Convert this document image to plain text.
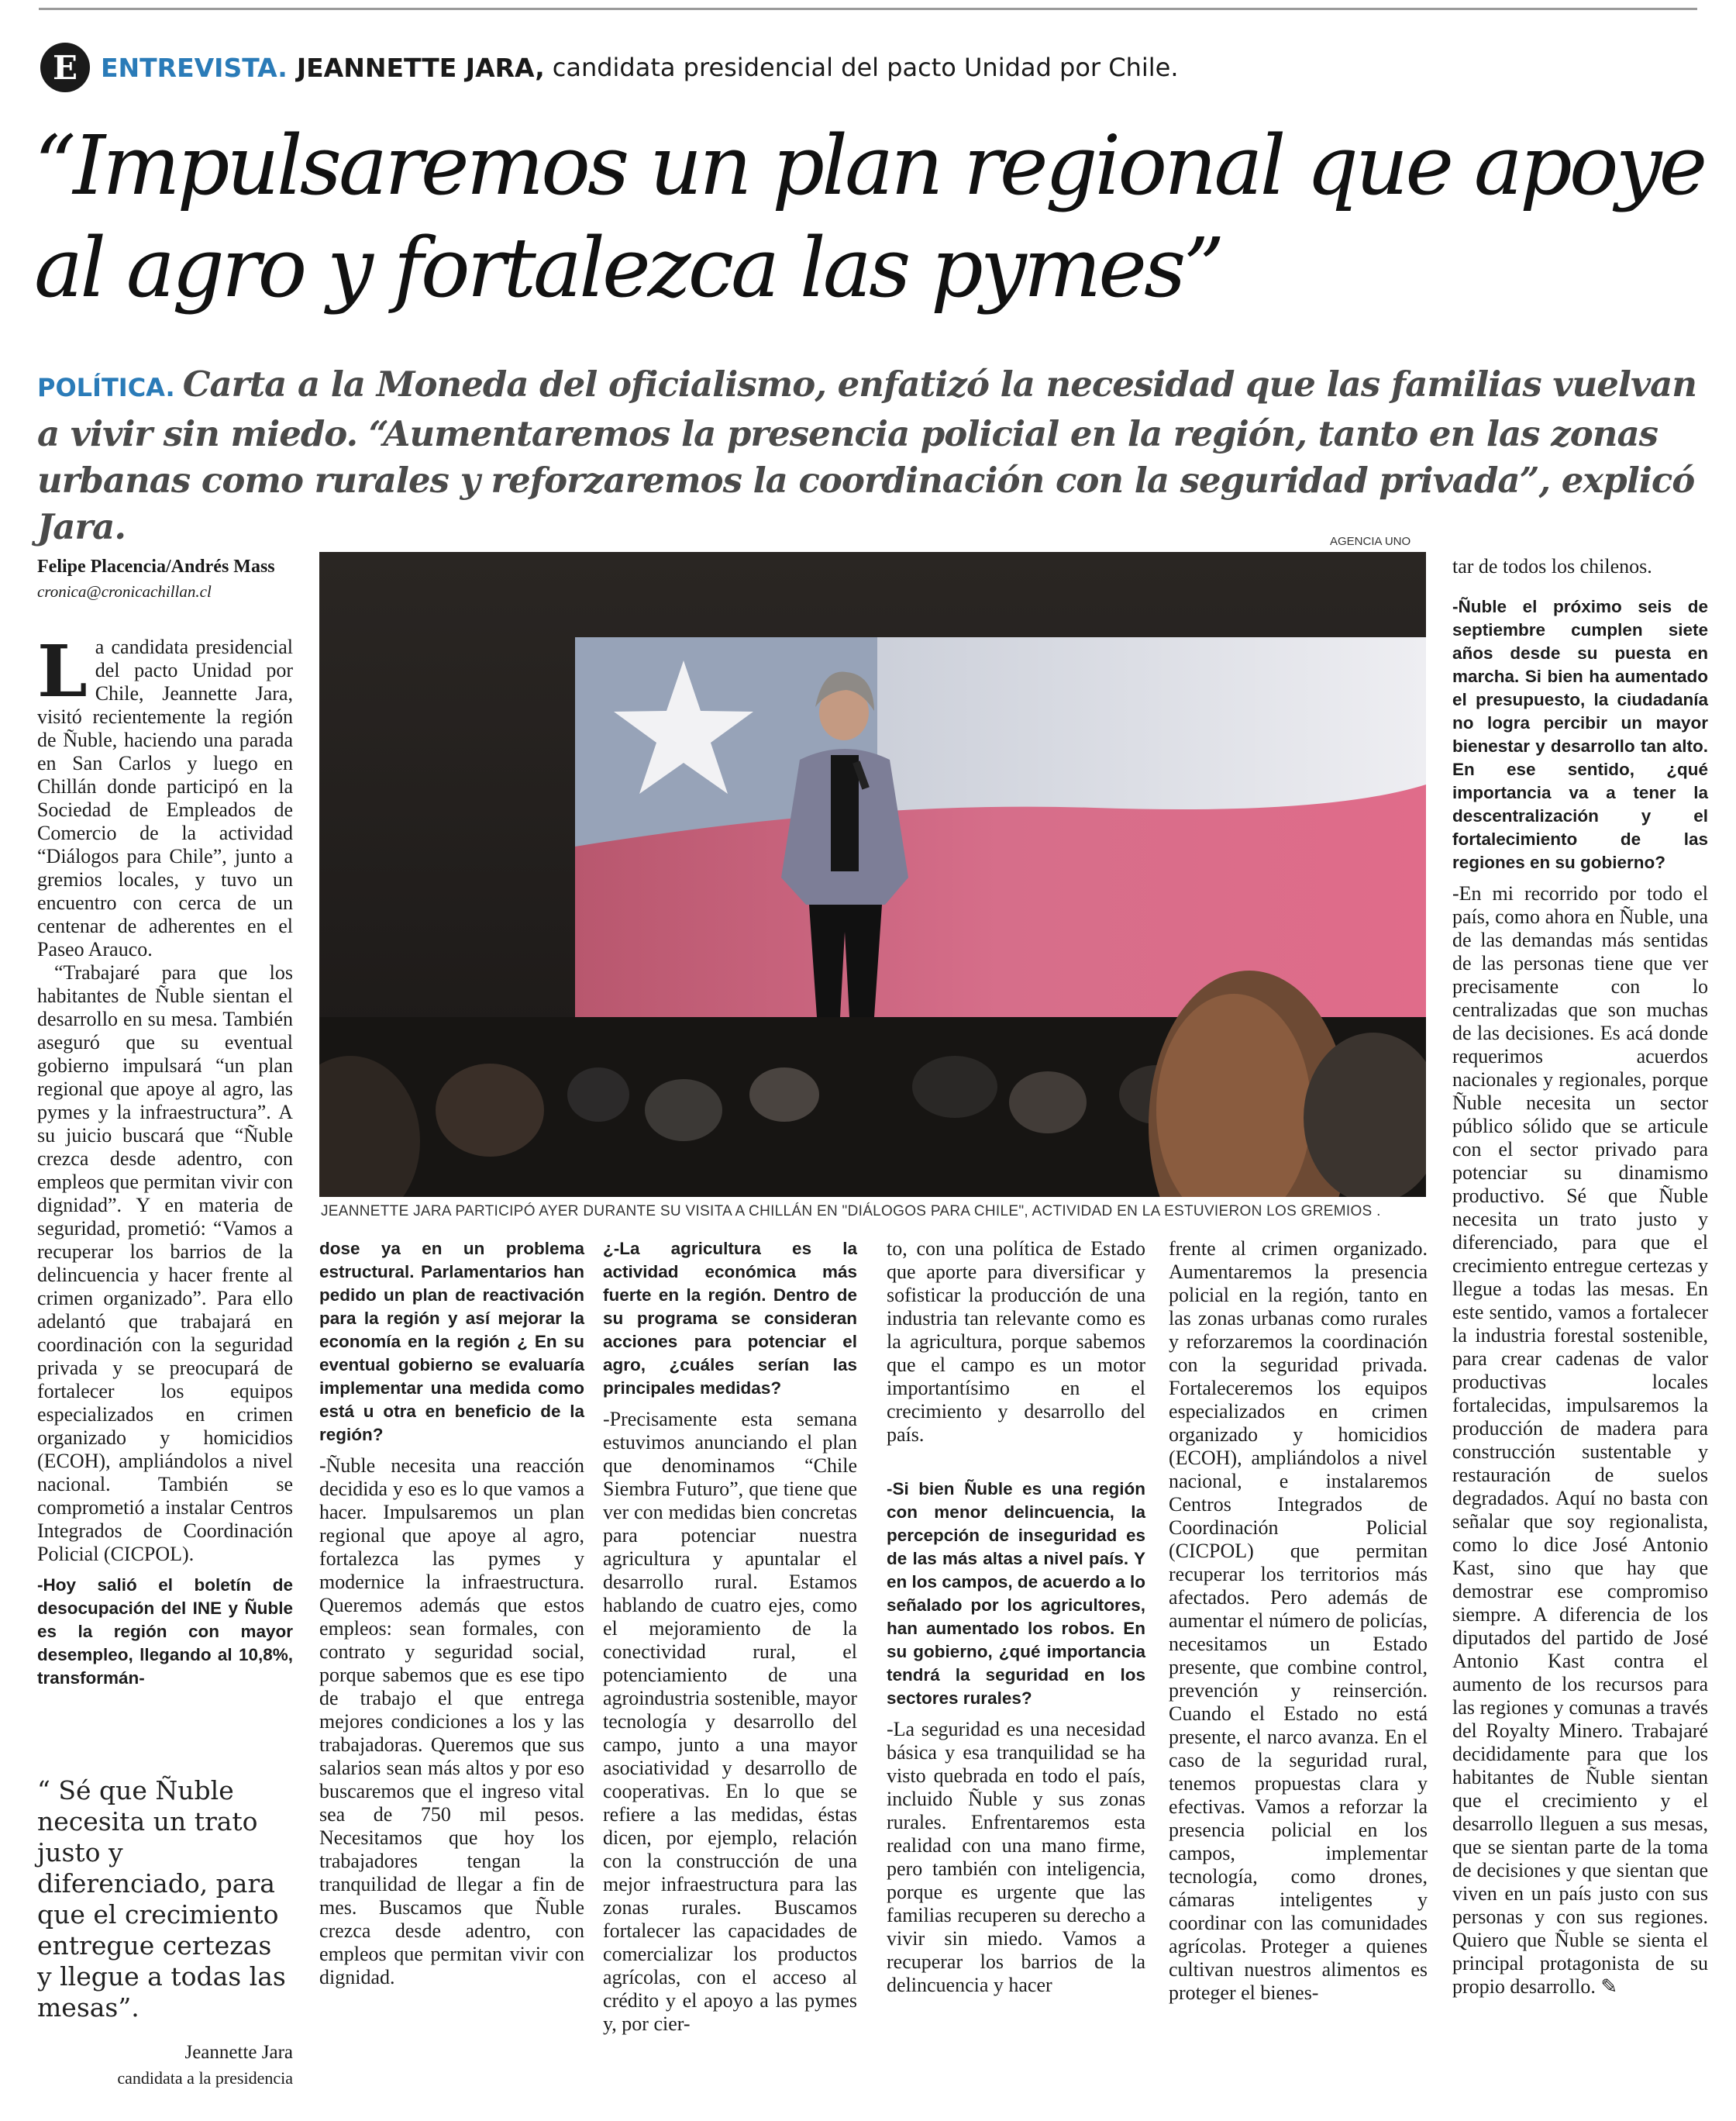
E ENTREVISTA. JEANNETTE JARA, candidata presidencial del pacto Unidad por Chile.
“Impulsaremos un plan regional que apoye al agro y fortalezca las pymes”

POLÍTICA. Carta a la Moneda del oficialismo, enfatizó la necesidad que las familias vuelvan a vivir sin miedo. “Aumentaremos la presencia policial en la región, tanto en las zonas urbanas como rurales y reforzaremos la coordinación con la seguridad privada”, explicó Jara.

Felipe Placencia/Andrés Mass
cronica@cronicachillan.cl
AGENCIA UNO
JEANNETTE JARA PARTICIPÓ AYER DURANTE SU VISITA A CHILLÁN EN "DIÁLOGOS PARA CHILE", ACTIVIDAD EN LA ESTUVIERON LOS GREMIOS .

La candidata presidencial del pacto Unidad por Chile, Jeannette Jara, visitó recientemente la región de Ñuble, haciendo una parada en San Carlos y luego en Chillán donde participó en la Sociedad de Empleados de Comercio de la actividad “Diálogos para Chile”, junto a gremios locales, y tuvo un encuentro con cerca de un centenar de adherentes en el Paseo Arauco.

“Trabajaré para que los habitantes de Ñuble sientan el desarrollo en su mesa. También aseguró que su eventual gobierno impulsará “un plan regional que apoye al agro, las pymes y la infraestructura”. A su juicio buscará que “Ñuble crezca desde adentro, con empleos que permitan vivir con dignidad”. Y en materia de seguridad, prometió: “Vamos a recuperar los barrios de la delincuencia y hacer frente al crimen organizado”. Para ello adelantó que trabajará en coordinación con la seguridad privada y se preocupará de fortalecer los equipos especializados en crimen organizado y homicidios (ECOH), ampliándolos a nivel nacional. También se comprometió a instalar Centros Integrados de Coordinación Policial (CICPOL).

-Hoy salió el boletín de desocupación del INE y Ñuble es la región con mayor desempleo, llegando al 10,8%, transformán-

“ Sé que Ñuble necesita un trato justo y diferenciado, para que el crecimiento entregue certezas y llegue a todas las mesas”.
Jeannette Jara
candidata a la presidencia

dose ya en un problema estructural. Parlamentarios han pedido un plan de reactivación para la región y así mejorar la economía en la región ¿ En su eventual gobierno se evaluaría implementar una medida como está u otra en beneficio de la región?

-Ñuble necesita una reacción decidida y eso es lo que vamos a hacer. Impulsaremos un plan regional que apoye al agro, fortalezca las pymes y modernice la infraestructura. Queremos además que estos empleos: sean formales, con contrato y seguridad social, porque sabemos que es ese tipo de trabajo el que entrega mejores condiciones a los y las trabajadoras. Queremos que sus salarios sean más altos y por eso buscaremos que el ingreso vital sea de 750 mil pesos. Necesitamos que hoy los trabajadores tengan la tranquilidad de llegar a fin de mes. Buscamos que Ñuble crezca desde adentro, con empleos que permitan vivir con dignidad.

¿-La agricultura es la actividad económica más fuerte en la región. Dentro de su programa se consideran acciones para potenciar el agro, ¿cuáles serían las principales medidas?

-Precisamente esta semana estuvimos anunciando el plan que denominamos “Chile Siembra Futuro”, que tiene que ver con medidas bien concretas para potenciar nuestra agricultura y apuntalar el desarrollo rural. Estamos hablando de cuatro ejes, como el mejoramiento de la conectividad rural, el potenciamiento de una agroindustria sostenible, mayor tecnología y desarrollo del campo, junto a una mayor asociatividad y desarrollo de cooperativas. En lo que se refiere a las medidas, éstas dicen, por ejemplo, relación con la construcción de una mejor infraestructura para las zonas rurales. Buscamos fortalecer las capacidades de comercializar los productos agrícolas, con el acceso al crédito y el apoyo a las pymes y, por cier-

to, con una política de Estado que aporte para diversificar y sofisticar la producción de una industria tan relevante como es la agricultura, porque sabemos que el campo es un motor importantísimo en el crecimiento y desarrollo del país.

-Si bien Ñuble es una región con menor delincuencia, la percepción de inseguridad es de las más altas a nivel país. Y en los campos, de acuerdo a lo señalado por los agricultores, han aumentado los robos. En su gobierno, ¿qué importancia tendrá la seguridad en los sectores rurales?

-La seguridad es una necesidad básica y esa tranquilidad se ha visto quebrada en todo el país, incluido Ñuble y sus zonas rurales. Enfrentaremos esta realidad con una mano firme, pero también con inteligencia, porque es urgente que las familias recuperen su derecho a vivir sin miedo. Vamos a recuperar los barrios de la delincuencia y hacer

frente al crimen organizado. Aumentaremos la presencia policial en la región, tanto en las zonas urbanas como rurales y reforzaremos la coordinación con la seguridad privada. Fortaleceremos los equipos especializados en crimen organizado y homicidios (ECOH), ampliándolos a nivel nacional, e instalaremos Centros Integrados de Coordinación Policial (CICPOL) que permitan recuperar los territorios más afectados. Pero además de aumentar el número de policías, necesitamos un Estado presente, que combine control, prevención y reinserción. Cuando el Estado no está presente, el narco avanza. En el caso de la seguridad rural, tenemos propuestas clara y efectivas. Vamos a reforzar la presencia policial en los campos, implementar tecnología, como drones, cámaras inteligentes y coordinar con las comunidades agrícolas. Proteger a quienes cultivan nuestros alimentos es proteger el bienes-

tar de todos los chilenos.

-Ñuble el próximo seis de septiembre cumplen siete años desde su puesta en marcha. Si bien ha aumentado el presupuesto, la ciudadanía no logra percibir un mayor bienestar y desarrollo tan alto. En ese sentido, ¿qué importancia va a tener la descentralización y el fortalecimiento de las regiones en su gobierno?

-En mi recorrido por todo el país, como ahora en Ñuble, una de las demandas más sentidas de las personas tiene que ver precisamente con lo centralizadas que son muchas de las decisiones. Es acá donde requerimos acuerdos nacionales y regionales, porque Ñuble necesita un sector público sólido que se articule con el sector privado para potenciar su dinamismo productivo. Sé que Ñuble necesita un trato justo y diferenciado, para que el crecimiento entregue certezas y llegue a todas las mesas. En este sentido, vamos a fortalecer la industria forestal sostenible, para crear cadenas de valor productivas locales fortalecidas, impulsaremos la producción de madera para construcción sustentable y restauración de suelos degradados. Aquí no basta con señalar que soy regionalista, como lo dice José Antonio Kast, sino que hay que demostrar ese compromiso siempre. A diferencia de los diputados del partido de José Antonio Kast contra el aumento de los recursos para las regiones y comunas a través del Royalty Minero. Trabajaré decididamente para que los habitantes de Ñuble sientan que el crecimiento y el desarrollo lleguen a sus mesas, que se sientan parte de la toma de decisiones y que sientan que viven en un país justo con sus personas y con sus regiones. Quiero que Ñuble se sienta el principal protagonista de su propio desarrollo. ✎
